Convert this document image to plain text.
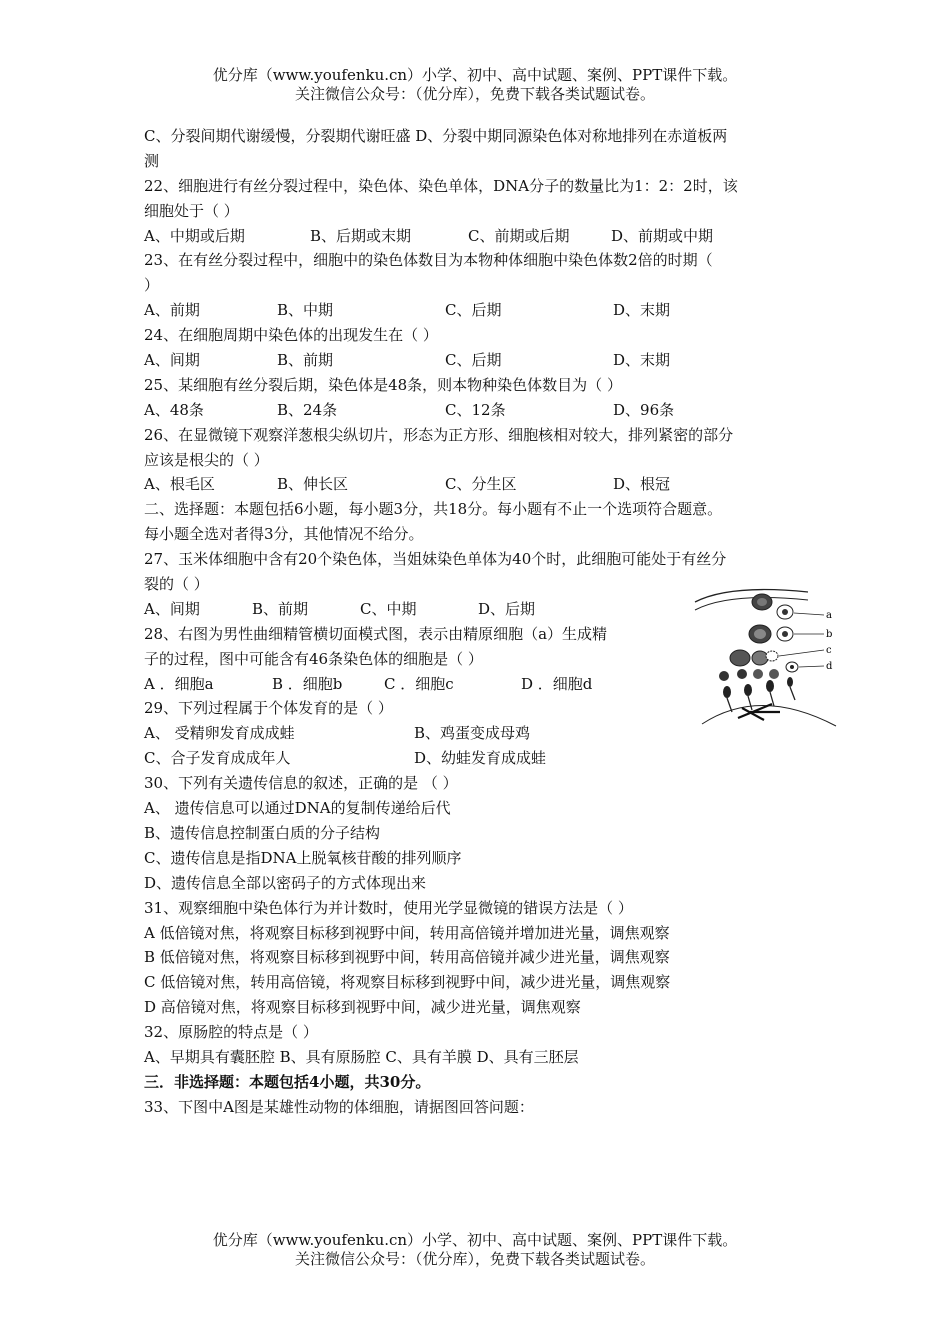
优分库（www.youfenku.cn）小学、初中、高中试题、案例、PPT课件下载。
关注微信公众号：（优分库），免费下载各类试题试卷。
C、分裂间期代谢缓慢，分裂期代谢旺盛 D、分裂中期同源染色体对称地排列在赤道板两
测
22、细胞进行有丝分裂过程中，染色体、染色单体，DNA分子的数量比为1：2：2时，该
细胞处于（ ）
A、中期或后期	B、后期或末期	C、前期或后期	D、前期或中期
23、在有丝分裂过程中，细胞中的染色体数目为本物种体细胞中染色体数2倍的时期（
）
A、前期	B、中期	C、后期	D、末期
24、在细胞周期中染色体的出现发生在（ ）
A、间期	B、前期	C、后期	D、末期
25、某细胞有丝分裂后期，染色体是48条，则本物种染色体数目为（ ）
A、48条	B、24条	C、12条	D、96条
26、在显微镜下观察洋葱根尖纵切片，形态为正方形、细胞核相对较大，排列紧密的部分
应该是根尖的（ ）
A、根毛区	B、伸长区	C、分生区	D、根冠
二、选择题：本题包括6小题，每小题3分，共18分。每小题有不止一个选项符合题意。
每小题全选对者得3分，其他情况不给分。
27、玉米体细胞中含有20个染色体，当姐妹染色单体为40个时，此细胞可能处于有丝分
裂的（ ）
A、间期	B、前期	C、中期	D、后期
28、右图为男性曲细精管横切面模式图，表示由精原细胞（a）生成精
子的过程，图中可能含有46条染色体的细胞是（ ）
A ．细胞a	B ．细胞b	C ．细胞c	D ．细胞d
29、下列过程属于个体发育的是（ ）
A、 受精卵发育成成蛙	B、鸡蛋变成母鸡
C、合子发育成成年人	D、幼蛙发育成成蛙
30、下列有关遗传信息的叙述，正确的是 （ ）
A、 遗传信息可以通过DNA的复制传递给后代
B、遗传信息控制蛋白质的分子结构
C、遗传信息是指DNA上脱氧核苷酸的排列顺序
D、遗传信息全部以密码子的方式体现出来
31、观察细胞中染色体行为并计数时，使用光学显微镜的错误方法是（ ）
A 低倍镜对焦，将观察目标移到视野中间，转用高倍镜并增加进光量，调焦观察
B 低倍镜对焦，将观察目标移到视野中间，转用高倍镜并减少进光量，调焦观察
C 低倍镜对焦，转用高倍镜，将观察目标移到视野中间，减少进光量，调焦观察
D 高倍镜对焦，将观察目标移到视野中间，减少进光量，调焦观察
32、原肠腔的特点是（ ）
A、早期具有囊胚腔 B、具有原肠腔 C、具有羊膜 D、具有三胚层
三．非选择题：本题包括4小题，共30分。
33、下图中A图是某雄性动物的体细胞，请据图回答问题：
a
b
c
d
优分库（www.youfenku.cn）小学、初中、高中试题、案例、PPT课件下载。
关注微信公众号：（优分库），免费下载各类试题试卷。
